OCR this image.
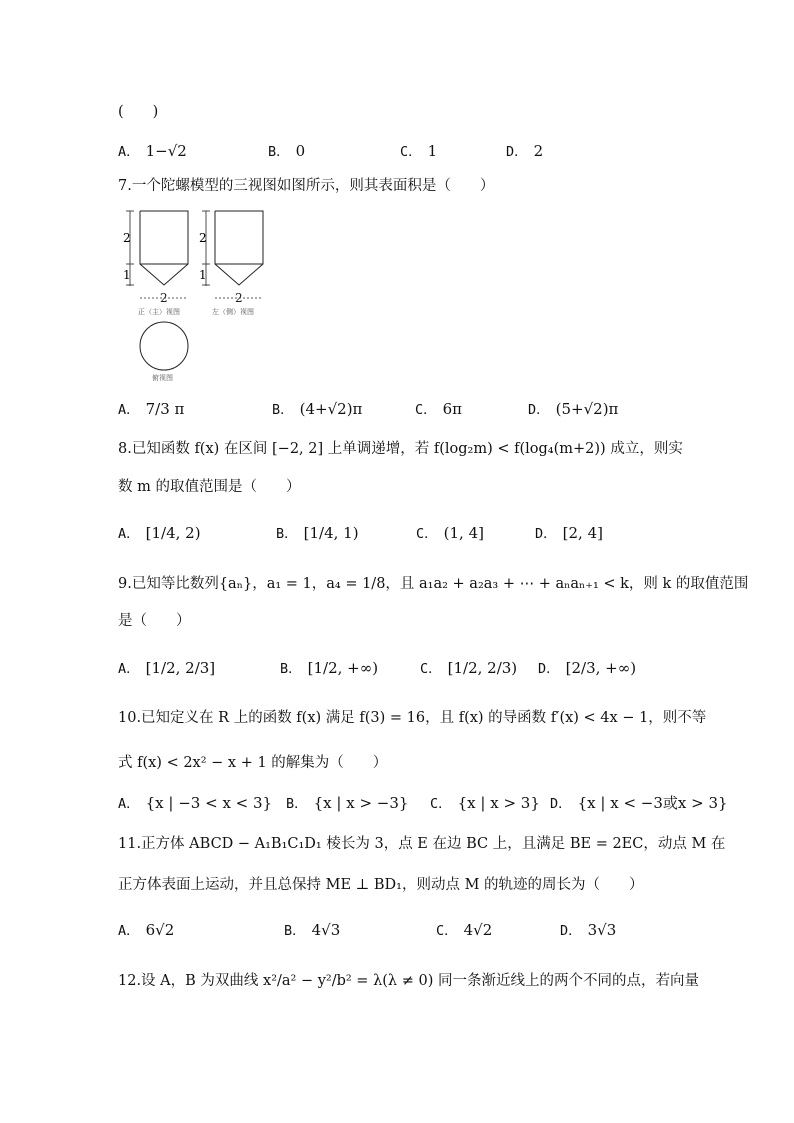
(　　)
A． 1−√2	B． 0	C． 1	D． 2
7.一个陀螺模型的三视图如图所示，则其表面积是（　　）
2
1
2
正（主）视图
2
1
2
左（侧）视图
俯视图
A． 7/3 π	B． (4+√2)π	C． 6π	D． (5+√2)π
8.已知函数 f(x) 在区间 [−2, 2] 上单调递增，若 f(log₂m) < f(log₄(m+2)) 成立，则实
数 m 的取值范围是（　　）
A． [1/4, 2)	B． [1/4, 1)	C． (1, 4]	D． [2, 4]
9.已知等比数列{aₙ}，a₁ = 1，a₄ = 1/8，且 a₁a₂ + a₂a₃ + ⋯ + aₙaₙ₊₁ < k，则 k 的取值范围
是（　　）
A． [1/2, 2/3]	B． [1/2, +∞)	C． [1/2, 2/3) D． [2/3, +∞)
10.已知定义在 R 上的函数 f(x) 满足 f(3) = 16，且 f(x) 的导函数 f′(x) < 4x − 1，则不等
式 f(x) < 2x² − x + 1 的解集为（　　）
A． {x | −3 < x < 3} B． {x | x > −3} C． {x | x > 3} D． {x | x < −3或x > 3}
11.正方体 ABCD − A₁B₁C₁D₁ 棱长为 3，点 E 在边 BC 上，且满足 BE = 2EC，动点 M 在
正方体表面上运动，并且总保持 ME ⊥ BD₁，则动点 M 的轨迹的周长为（　　）
A． 6√2	B． 4√3	C． 4√2	D． 3√3
12.设 A，B 为双曲线 x²/a² − y²/b² = λ(λ ≠ 0) 同一条渐近线上的两个不同的点，若向量
